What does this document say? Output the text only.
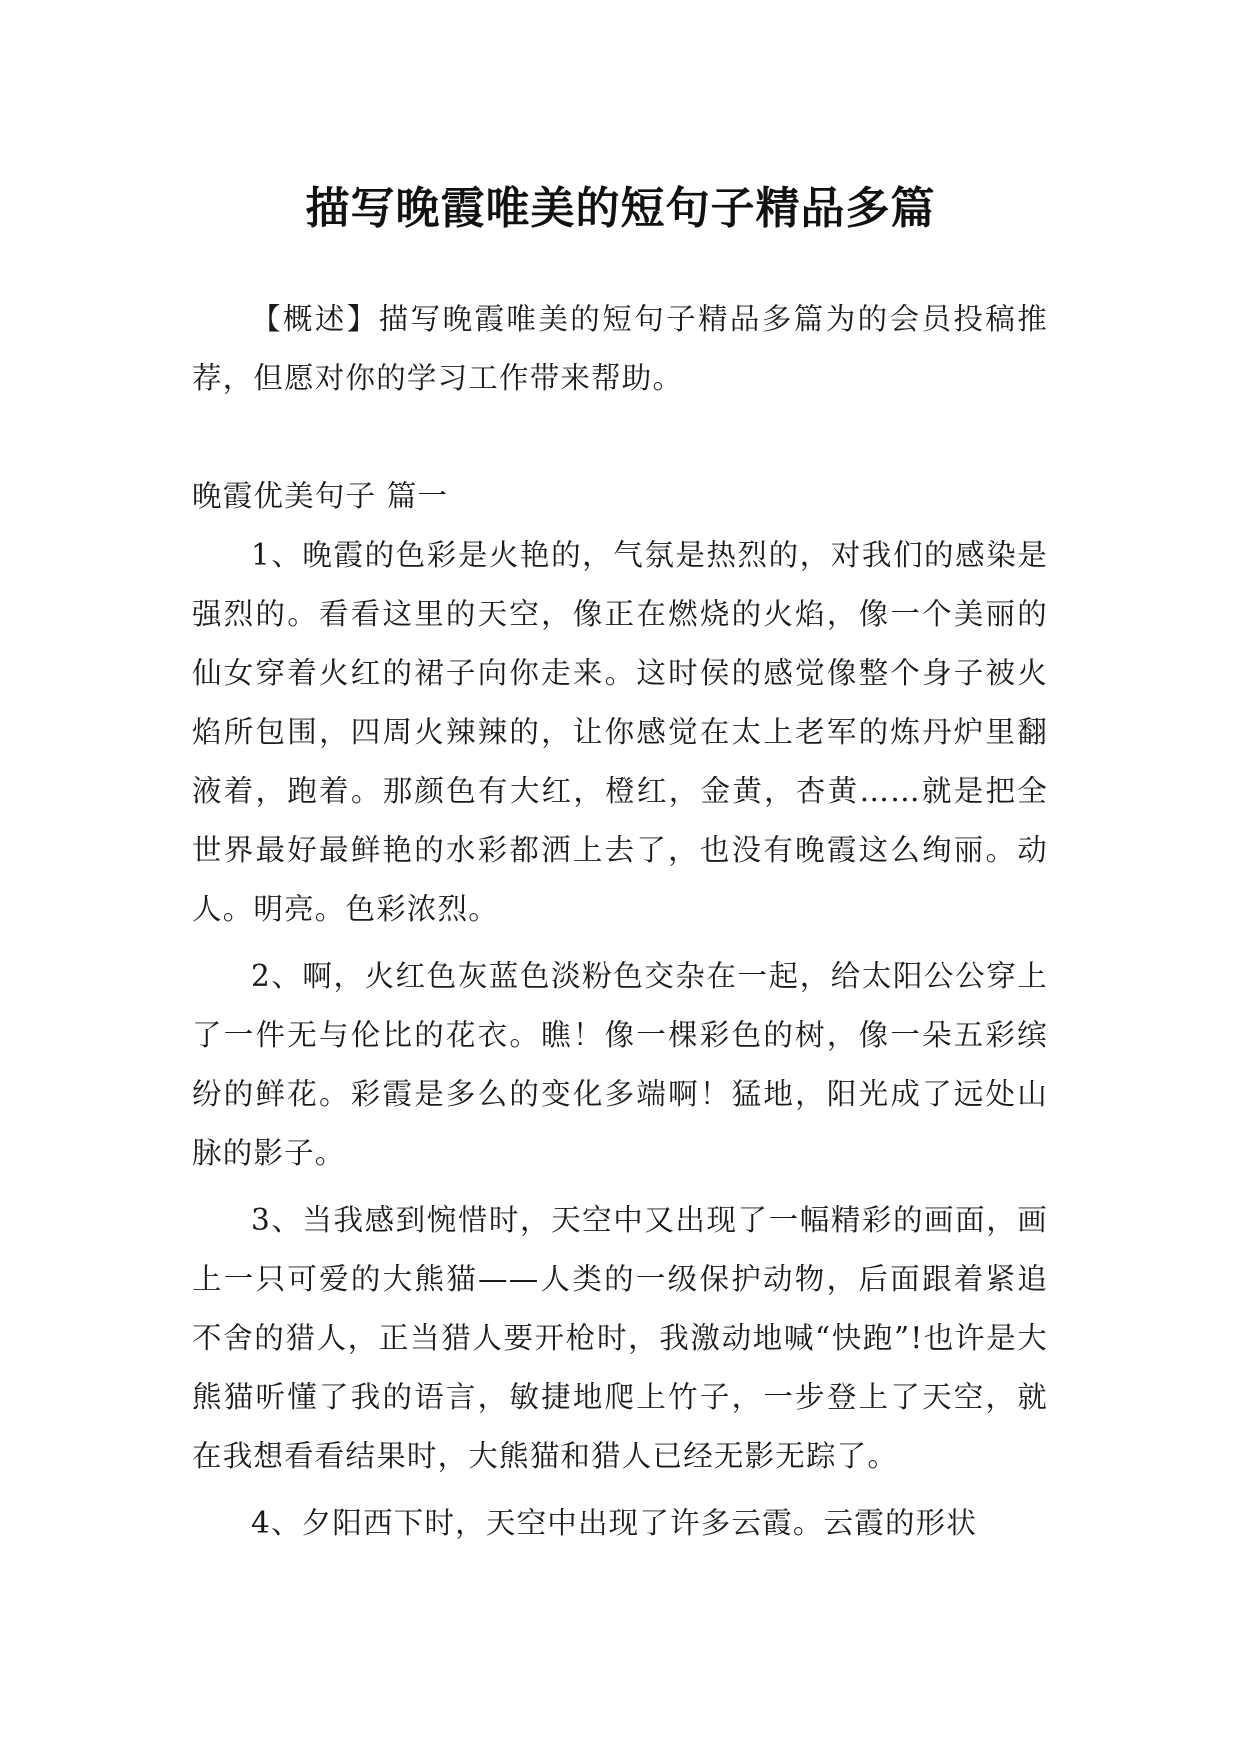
描写晚霞唯美的短句子精品多篇

【概述】描写晚霞唯美的短句子精品多篇为的会员投稿推荐，但愿对你的学习工作带来帮助。

晚霞优美句子 篇一

1、晚霞的色彩是火艳的，气氛是热烈的，对我们的感染是强烈的。看看这里的天空，像正在燃烧的火焰，像一个美丽的仙女穿着火红的裙子向你走来。这时侯的感觉像整个身子被火焰所包围，四周火辣辣的，让你感觉在太上老军的炼丹炉里翻液着，跑着。那颜色有大红，橙红，金黄，杏黄……就是把全世界最好最鲜艳的水彩都洒上去了，也没有晚霞这么绚丽。动人。明亮。色彩浓烈。

2、啊，火红色灰蓝色淡粉色交杂在一起，给太阳公公穿上了一件无与伦比的花衣。瞧！像一棵彩色的树，像一朵五彩缤纷的鲜花。彩霞是多么的变化多端啊！猛地，阳光成了远处山脉的影子。

3、当我感到惋惜时，天空中又出现了一幅精彩的画面，画上一只可爱的大熊猫——人类的一级保护动物，后面跟着紧追不舍的猎人，正当猎人要开枪时，我激动地喊“快跑”!也许是大熊猫听懂了我的语言，敏捷地爬上竹子，一步登上了天空，就在我想看看结果时，大熊猫和猎人已经无影无踪了。

4、夕阳西下时，天空中出现了许多云霞。云霞的形状
